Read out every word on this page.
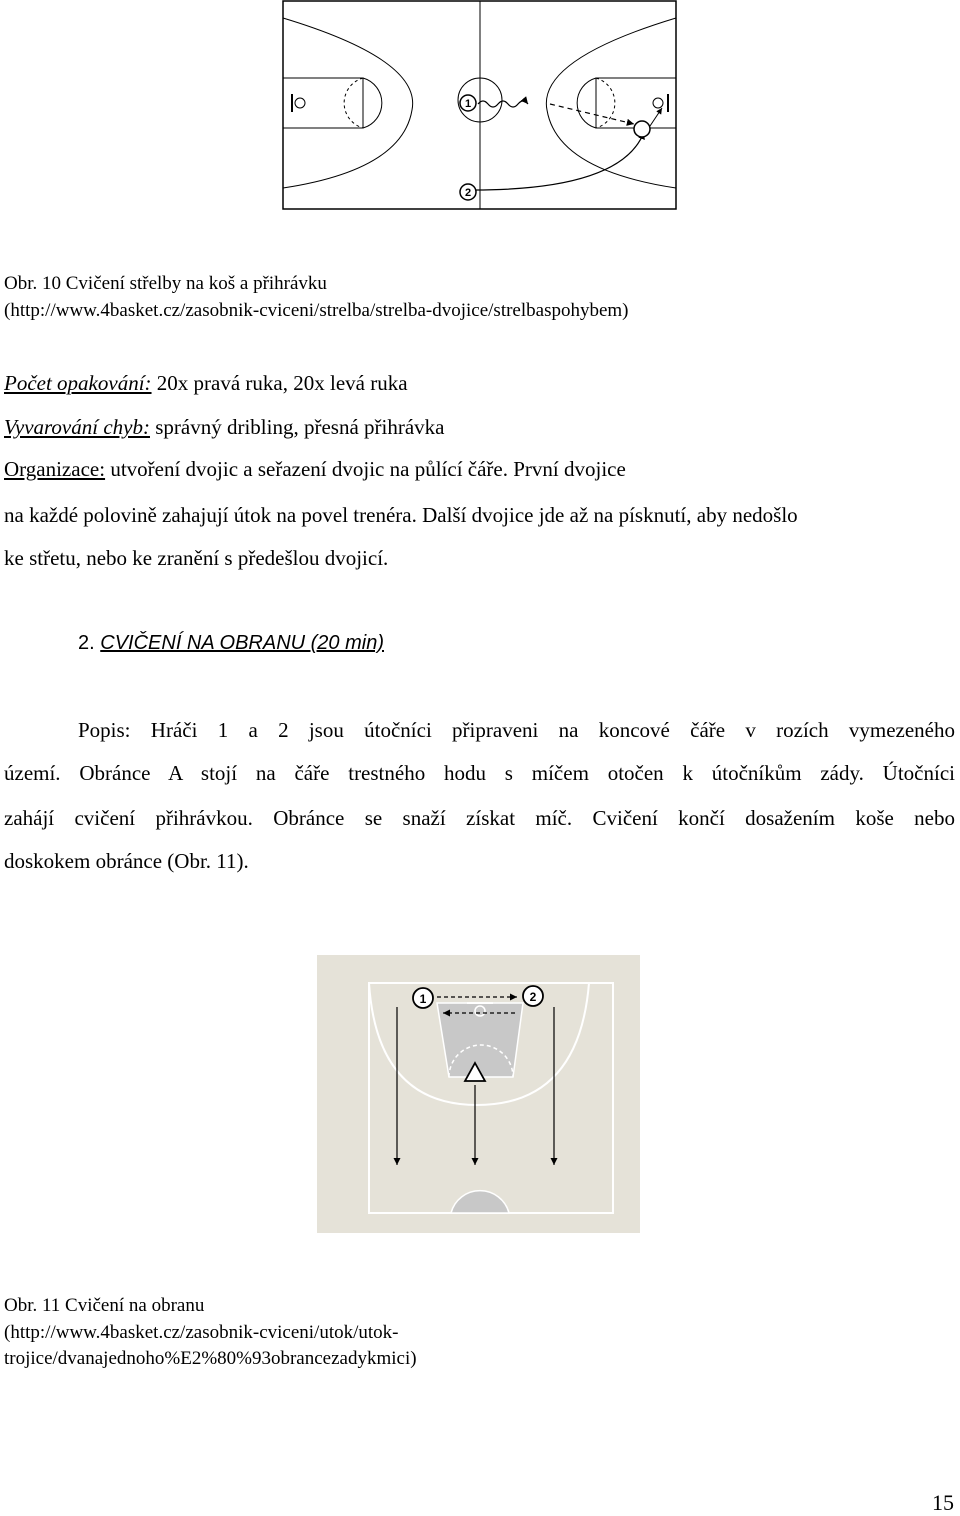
1
2
Obr. 10 Cvičení střelby na koš a přihrávku
(http://www.4basket.cz/zasobnik-cviceni/strelba/strelba-dvojice/strelbaspohybem)
Počet opakování: 20x pravá ruka, 20x levá ruka
Vyvarování chyb: správný dribling, přesná přihrávka
Organizace: utvoření dvojic a seřazení dvojic na půlící čáře. První dvojice
na každé polovině zahajují útok na povel trenéra. Další dvojice jde až na písknutí, aby nedošlo
ke střetu, nebo ke zranění s předešlou dvojicí.
2. CVIČENÍ NA OBRANU (20 min)
Popis: Hráči 1 a 2 jsou útočníci připraveni na koncové čáře v rozích vymezeného
území. Obránce A stojí na čáře trestného hodu s míčem otočen k útočníkům zády. Útočníci
zahájí cvičení přihrávkou. Obránce se snaží získat míč. Cvičení končí dosažením koše nebo
doskokem obránce (Obr. 11).
1	2
Obr. 11 Cvičení na obranu
(http://www.4basket.cz/zasobnik-cviceni/utok/utok-
trojice/dvanajednoho%E2%80%93obrancezadykmici)
15
